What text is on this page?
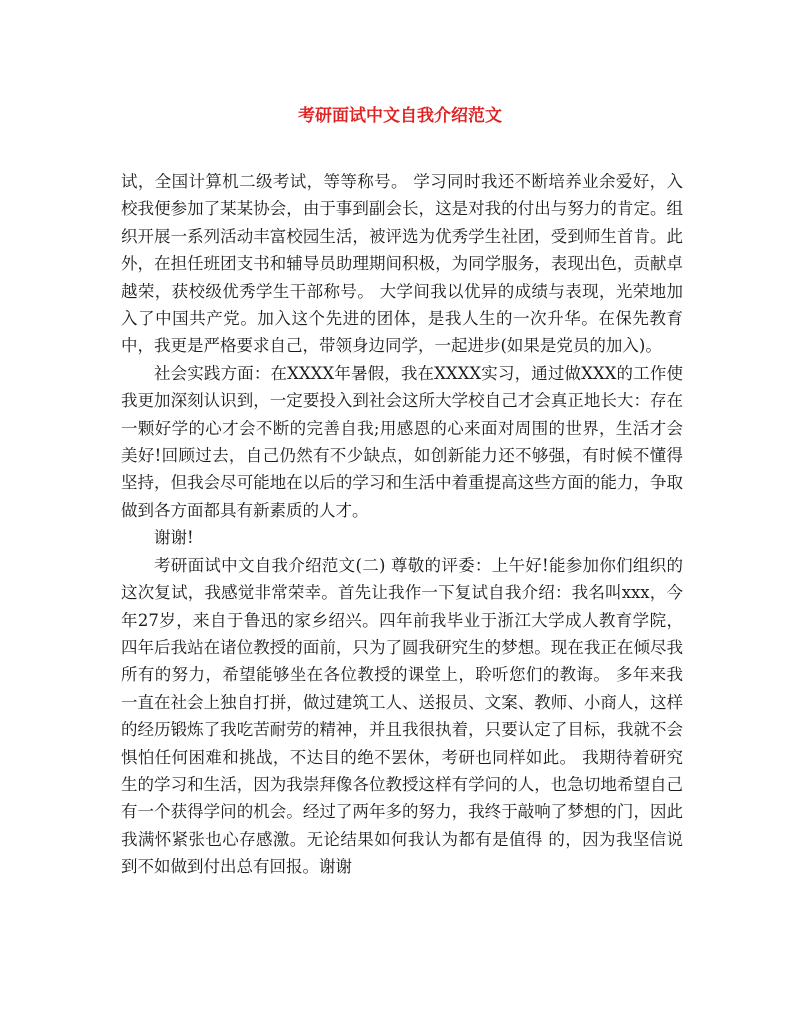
考研面试中文自我介绍范文

试，全国计算机二级考试，等等称号。 学习同时我还不断培养业余爱好，入校我便参加了某某协会，由于事到副会长，这是对我的付出与努力的肯定。组织开展一系列活动丰富校园生活，被评选为优秀学生社团，受到师生首肯。此外，在担任班团支书和辅导员助理期间积极，为同学服务，表现出色，贡献卓越荣，获校级优秀学生干部称号。 大学间我以优异的成绩与表现，光荣地加入了中国共产党。加入这个先进的团体，是我人生的一次升华。在保先教育中，我更是严格要求自己，带领身边同学，一起进步(如果是党员的加入)。

社会实践方面：在XXXX年暑假，我在XXXX实习，通过做XXX的工作使我更加深刻认识到，一定要投入到社会这所大学校自己才会真正地长大：存在一颗好学的心才会不断的完善自我;用感恩的心来面对周围的世界，生活才会美好!回顾过去，自己仍然有不少缺点，如创新能力还不够强，有时候不懂得坚持，但我会尽可能地在以后的学习和生活中着重提高这些方面的能力，争取做到各方面都具有新素质的人才。

谢谢!

考研面试中文自我介绍范文(二) 尊敬的评委：上午好!能参加你们组织的这次复试，我感觉非常荣幸。首先让我作一下复试自我介绍：我名叫xxx，今年27岁，来自于鲁迅的家乡绍兴。四年前我毕业于浙江大学成人教育学院，四年后我站在诸位教授的面前，只为了圆我研究生的梦想。现在我正在倾尽我所有的努力，希望能够坐在各位教授的课堂上，聆听您们的教诲。 多年来我一直在社会上独自打拼，做过建筑工人、送报员、文案、教师、小商人，这样的经历锻炼了我吃苦耐劳的精神，并且我很执着，只要认定了目标，我就不会惧怕任何困难和挑战，不达目的绝不罢休，考研也同样如此。 我期待着研究生的学习和生活，因为我崇拜像各位教授这样有学问的人，也急切地希望自己有一个获得学问的机会。经过了两年多的努力，我终于敲响了梦想的门，因此我满怀紧张也心存感激。无论结果如何我认为都有是值得 的，因为我坚信说到不如做到付出总有回报。谢谢
